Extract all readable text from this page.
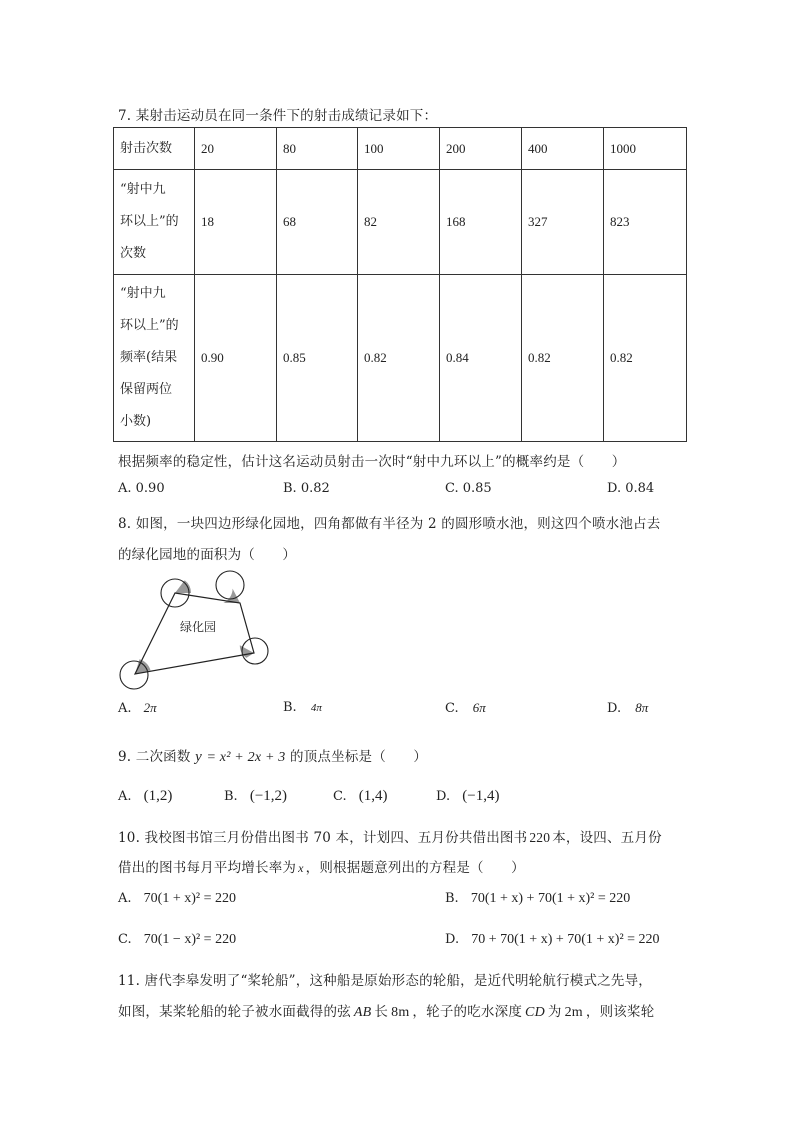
7. 某射击运动员在同一条件下的射击成绩记录如下：
射击次数	20	80	100	200	400	1000
“射中九
环以上”的
次数	18	68	82	168	327	823
“射中九
环以上”的
频率(结果
保留两位
小数)	0.90	0.85	0.82	0.84	0.82	0.82
根据频率的稳定性，估计这名运动员射击一次时“射中九环以上”的概率约是（　　）
A. 0.90	B. 0.82	C. 0.85	D. 0.84
8. 如图，一块四边形绿化园地，四角都做有半径为 2 的圆形喷水池，则这四个喷水池占去
的绿化园地的面积为（　　）
绿化园
A. 2π	B. 4π	C. 6π	D. 8π
9. 二次函数 y = x² + 2x + 3 的顶点坐标是（　　）
A. (1,2)	B. (−1,2)	C. (1,4)	D. (−1,4)
10. 我校图书馆三月份借出图书 70 本，计划四、五月份共借出图书 220 本，设四、五月份
借出的图书每月平均增长率为 x ，则根据题意列出的方程是（　　）
A. 70(1 + x)² = 220	B. 70(1 + x) + 70(1 + x)² = 220
C. 70(1 − x)² = 220	D. 70 + 70(1 + x) + 70(1 + x)² = 220
11. 唐代李皋发明了“桨轮船”，这种船是原始形态的轮船，是近代明轮航行模式之先导，
如图，某桨轮船的轮子被水面截得的弦 AB 长 8m ，轮子的吃水深度 CD 为 2m ，则该桨轮
